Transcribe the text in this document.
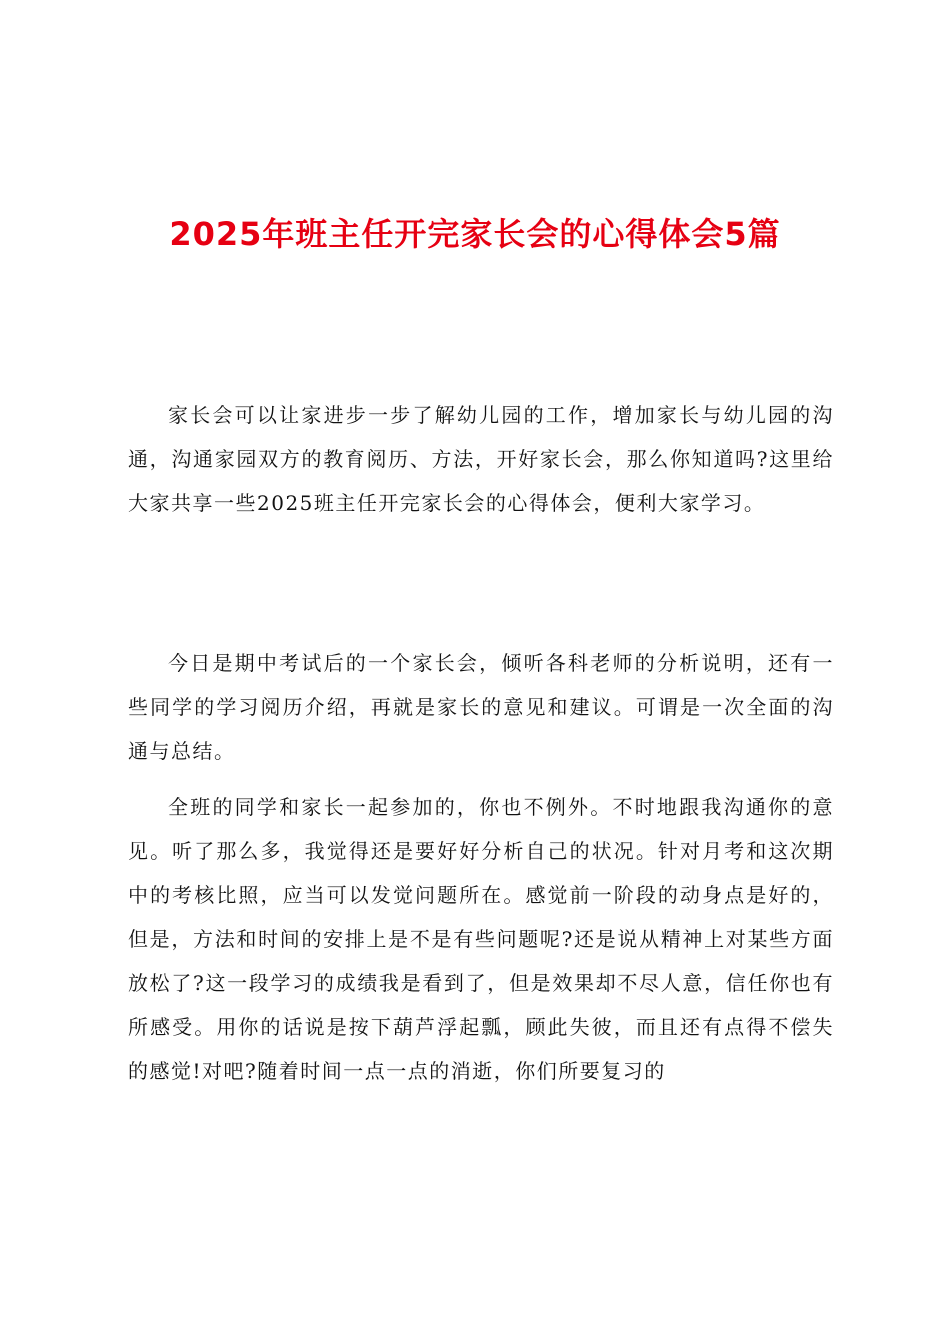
2025年班主任开完家长会的心得体会5篇

家长会可以让家进步一步了解幼儿园的工作，增加家长与幼儿园的沟通，沟通家园双方的教育阅历、方法，开好家长会，那么你知道吗?这里给大家共享一些2025班主任开完家长会的心得体会，便利大家学习。

今日是期中考试后的一个家长会，倾听各科老师的分析说明，还有一些同学的学习阅历介绍，再就是家长的意见和建议。可谓是一次全面的沟通与总结。

全班的同学和家长一起参加的，你也不例外。不时地跟我沟通你的意见。听了那么多，我觉得还是要好好分析自己的状况。针对月考和这次期中的考核比照，应当可以发觉问题所在。感觉前一阶段的动身点是好的，但是，方法和时间的安排上是不是有些问题呢?还是说从精神上对某些方面放松了?这一段学习的成绩我是看到了，但是效果却不尽人意，信任你也有所感受。用你的话说是按下葫芦浮起瓢，顾此失彼，而且还有点得不偿失的感觉!对吧?随着时间一点一点的消逝，你们所要复习的
